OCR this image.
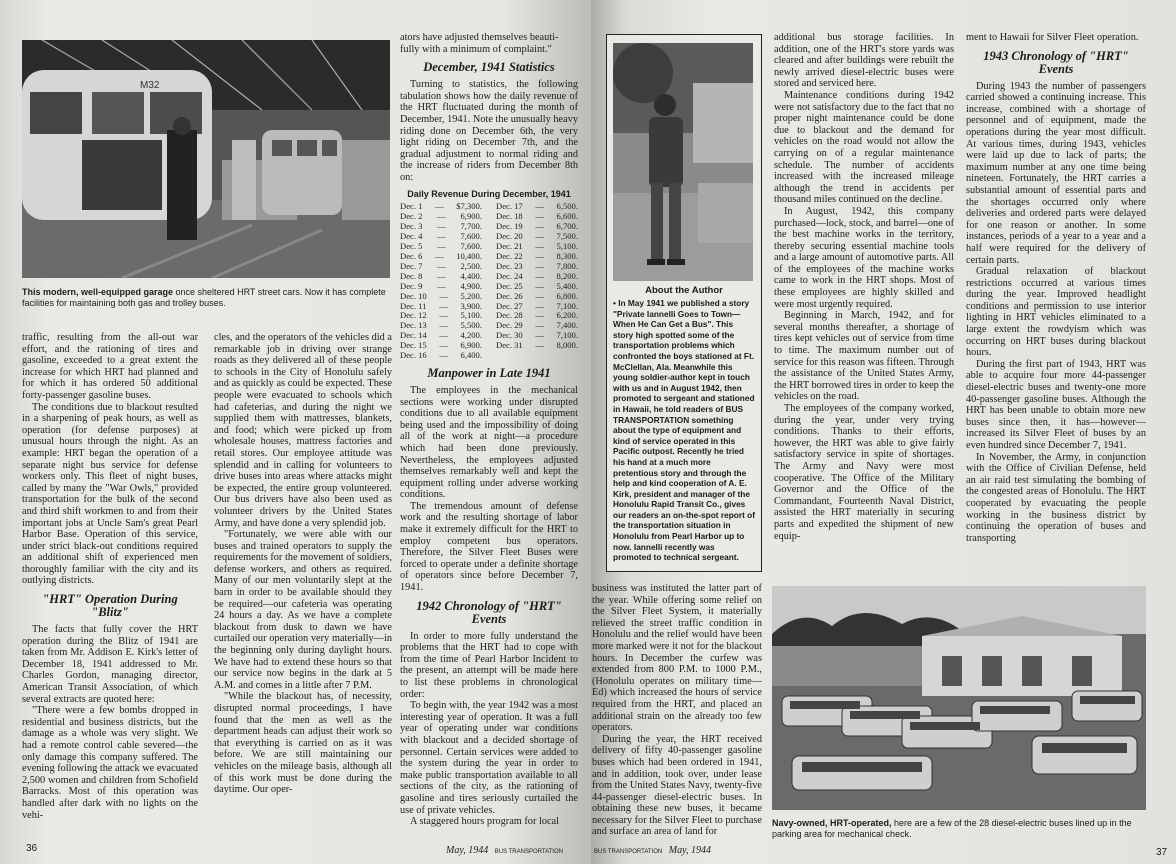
M32
This modern, well-equipped garage once sheltered HRT street cars. Now it has complete facilities for maintaining both gas and trolley buses.

traffic, resulting from the all-out war effort, and the rationing of tires and gasoline, exceeded to a great extent the increase for which HRT had planned and for which it has ordered 50 additional forty-passenger gasoline buses.

The conditions due to blackout resulted in a sharpening of peak hours, as well as operation (for defense purposes) at unusual hours through the night. As an example: HRT began the operation of a separate night bus service for defense workers only. This fleet of night buses, called by many the "War Owls," provided transportation for the bulk of the second and third shift workmen to and from their important jobs at Uncle Sam's great Pearl Harbor Base. Operation of this service, under strict black-out conditions required an additional shift of experienced men thoroughly familiar with the city and its outlying districts.

"HRT" Operation During "Blitz"

The facts that fully cover the HRT operation during the Blitz of 1941 are taken from Mr. Addison E. Kirk's letter of December 18, 1941 addressed to Mr. Charles Gordon, managing director, American Transit Association, of which several extracts are quoted here:

"There were a few bombs dropped in residential and business districts, but the damage as a whole was very slight. We had a remote control cable severed—the only damage this company suffered. The evening following the attack we evacuated 2,500 women and children from Schofield Barracks. Most of this operation was handled after dark with no lights on the vehi-

cles, and the operators of the vehicles did a remarkable job in driving over strange roads as they delivered all of these people to schools in the City of Honolulu safely and as quickly as could be expected. These people were evacuated to schools which had cafeterias, and during the night we supplied them with mattresses, blankets, and food; which were picked up from wholesale houses, mattress factories and retail stores. Our employee attitude was splendid and in calling for volunteers to drive buses into areas where attacks might be expected, the entire group volunteered. Our bus drivers have also been used as volunteer drivers by the United States Army, and have done a very splendid job.

"Fortunately, we were able with our buses and trained operators to supply the requirements for the movement of soldiers, defense workers, and others as required. Many of our men voluntarily slept at the barn in order to be available should they be required—our cafeteria was operating 24 hours a day. As we have a complete blackout from dusk to dawn we have curtailed our operation very materially—in the beginning only during daylight hours. We have had to extend these hours so that our service now begins in the dark at 5 A.M. and comes in a little after 7 P.M.

"While the blackout has, of necessity, disrupted normal proceedings, I have found that the men as well as the department heads can adjust their work so that everything is carried on as it was before. We are still maintaining our vehicles on the mileage basis, although all of this work must be done during the daytime. Our oper-

ators have adjusted themselves beauti-

fully with a minimum of complaint."

December, 1941 Statistics

Turning to statistics, the following tabulation shows how the daily revenue of the HRT fluctuated during the month of December, 1941. Note the unusually heavy riding done on December 6th, the very light riding on December 7th, and the gradual adjustment to normal riding and the increase of riders from December 8th on:

Daily Revenue During December, 1941
Dec. 1 — $7,300.
Dec. 2 — 6,900.
Dec. 3 — 7,700.
Dec. 4 — 7,600.
Dec. 5 — 7,600.
Dec. 6 — 10,400.
Dec. 7 — 2,500.
Dec. 8 — 4,400.
Dec. 9 — 4,900.
Dec. 10 — 5,200.
Dec. 11 — 3,900.
Dec. 12 — 5,100.
Dec. 13 — 5,500.
Dec. 14 — 4,200.
Dec. 15 — 6,900.
Dec. 16 — 6,400.
Dec. 17 — 6,500.
Dec. 18 — 6,600.
Dec. 19 — 6,700.
Dec. 20 — 7,500.
Dec. 21 — 5,100.
Dec. 22 — 8,300.
Dec. 23 — 7,800.
Dec. 24 — 8,200.
Dec. 25 — 5,400.
Dec. 26 — 6,800.
Dec. 27 — 7,100.
Dec. 28 — 6,200.
Dec. 29 — 7,400.
Dec. 30 — 7,100.
Dec. 31 — 8,000.
Manpower in Late 1941

The employees in the mechanical sections were working under disrupted conditions due to all available equipment being used and the impossibility of doing all of the work at night—a procedure which had been done previously. Nevertheless, the employees adjusted themselves remarkably well and kept the equipment rolling under adverse working conditions.

The tremendous amount of defense work and the resulting shortage of labor make it extremely difficult for the HRT to employ competent bus operators. Therefore, the Silver Fleet Buses were forced to operate under a definite shortage of operators since before December 7, 1941.

1942 Chronology of "HRT" Events

In order to more fully understand the problems that the HRT had to cope with from the time of Pearl Harbor Incident to the present, an attempt will be made here to list these problems in chronological order:

To begin with, the year 1942 was a most interesting year of operation. It was a full year of operating under war conditions with blackout and a decided shortage of personnel. Certain services were added to the system during the year in order to make public transportation available to all sections of the city, as the rationing of gasoline and tires seriously curtailed the use of private vehicles.

A staggered hours program for local

36	May, 1944 BUS TRANSPORTATION
About the Author
• In May 1941 we published a story "Private Iannelli Goes to Town—When He Can Get a Bus". This story high spotted some of the transportation problems which confronted the boys stationed at Ft. McClellan, Ala. Meanwhile this young soldier-author kept in touch with us and in August 1942, then promoted to sergeant and stationed in Hawaii, he told readers of BUS TRANSPORTATION something about the type of equipment and kind of service operated in this Pacific outpost. Recently he tried his hand at a much more pretentious story and through the help and kind cooperation of A. E. Kirk, president and manager of the Honolulu Rapid Transit Co., gives our readers an on-the-spot report of the transportation situation in Honolulu from Pearl Harbor up to now. Iannelli recently was promoted to technical sergeant.

business was instituted the latter part of the year. While offering some relief on the Silver Fleet System, it materially relieved the street traffic condition in Honolulu and the relief would have been more marked were it not for the blackout hours. In December the curfew was extended from 800 P.M. to 1000 P.M., (Honolulu operates on military time—Ed) which increased the hours of service required from the HRT, and placed an additional strain on the already too few operators.

During the year, the HRT received delivery of fifty 40-passenger gasoline buses which had been ordered in 1941, and in addition, took over, under lease from the United States Navy, twenty-five 44-passenger diesel-electric buses. In obtaining these new buses, it became necessary for the Silver Fleet to purchase and surface an area of land for

additional bus storage facilities. In addition, one of the HRT's store yards was cleared and after buildings were rebuilt the newly arrived diesel-electric buses were stored and serviced here.

Maintenance conditions during 1942 were not satisfactory due to the fact that no proper night maintenance could be done due to blackout and the demand for vehicles on the road would not allow the carrying on of a regular maintenance schedule. The number of accidents increased with the increased mileage although the trend in accidents per thousand miles continued on the decline.

In August, 1942, this company purchased—lock, stock, and barrel—one of the best machine works in the territory, thereby securing essential machine tools and a large amount of automotive parts. All of the employees of the machine works came to work in the HRT shops. Most of these employees are highly skilled and were most urgently required.

Beginning in March, 1942, and for several months thereafter, a shortage of tires kept vehicles out of service from time to time. The maximum number out of service for this reason was fifteen. Through the assistance of the United States Army, the HRT borrowed tires in order to keep the vehicles on the road.

The employees of the company worked, during the year, under very trying conditions. Thanks to their efforts, however, the HRT was able to give fairly satisfactory service in spite of shortages. The Army and Navy were most cooperative. The Office of the Military Governor and the Office of the Commandant, Fourteenth Naval District, assisted the HRT materially in securing parts and expedited the shipment of new equip-

ment to Hawaii for Silver Fleet operation.

1943 Chronology of "HRT" Events

During 1943 the number of passengers carried showed a continuing increase. This increase, combined with a shortage of personnel and of equipment, made the operations during the year most difficult. At various times, during 1943, vehicles were laid up due to lack of parts; the maximum number at any one time being nineteen. Fortunately, the HRT carries a substantial amount of essential parts and the shortages occurred only where deliveries and ordered parts were delayed for one reason or another. In some instances, periods of a year to a year and a half were required for the delivery of certain parts.

Gradual relaxation of blackout restrictions occurred at various times during the year. Improved headlight conditions and permission to use interior lighting in HRT vehicles eliminated to a large extent the rowdyism which was occurring on HRT buses during blackout hours.

During the first part of 1943, HRT was able to acquire four more 44-passenger diesel-electric buses and twenty-one more 40-passenger gasoline buses. Although the HRT has been unable to obtain more new buses since then, it has—however—increased its Silver Fleet of buses by an even hundred since December 7, 1941.

In November, the Army, in conjunction with the Office of Civilian Defense, held an air raid test simulating the bombing of the congested areas of Honolulu. The HRT cooperated by evacuating the people working in the business district by continuing the operation of buses and transporting

Navy-owned, HRT-operated, here are a few of the 28 diesel-electric buses lined up in the parking area for mechanical check.
BUS TRANSPORTATION May, 1944	37
